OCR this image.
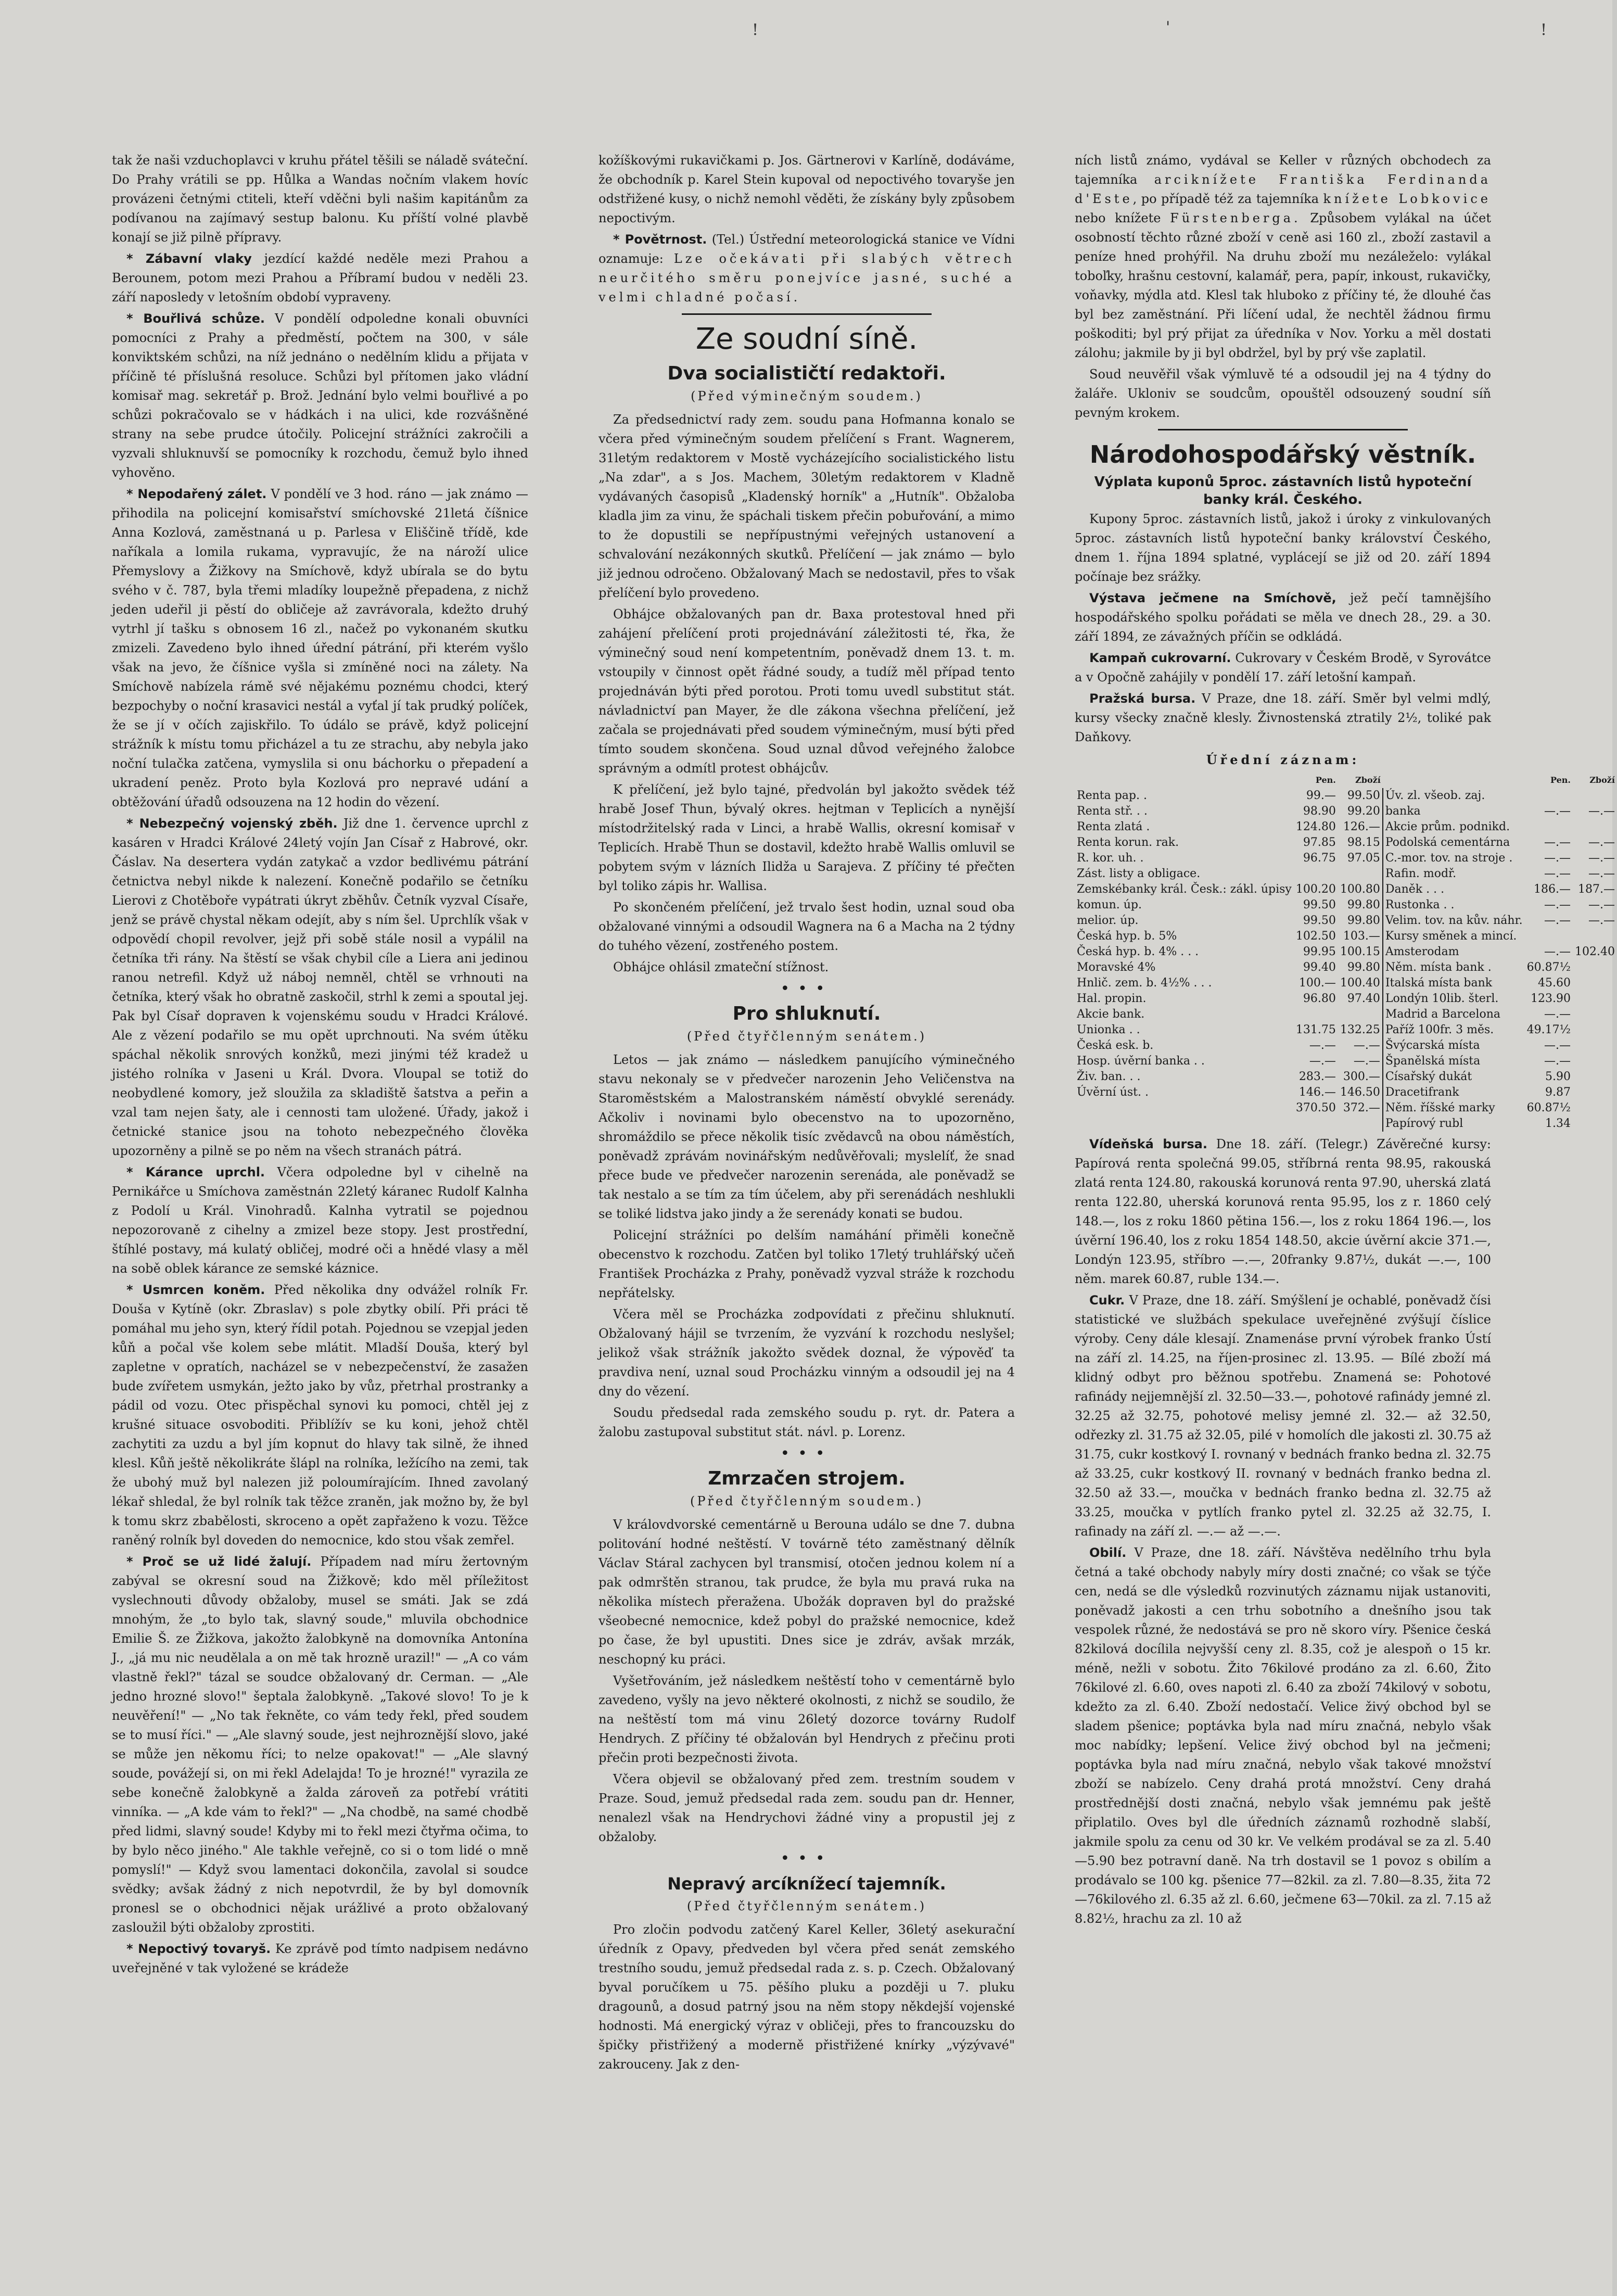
!	'	!

tak že naši vzduchoplavci v kruhu přátel těšili se náladě sváteční. Do Prahy vrátili se pp. Hůlka a Wandas nočním vlakem hovíc provázeni četnými ctiteli, kteří vděčni byli našim kapitánům za podívanou na zajímavý sestup balonu. Ku příští volné plavbě konají se již pilně přípravy.

* Zábavní vlaky jezdící každé neděle mezi Prahou a Berounem, potom mezi Prahou a Příbramí budou v neděli 23. září naposledy v letošním období vypraveny.

* Bouřlivá schůze. V pondělí odpoledne konali obuvníci pomocníci z Prahy a předměstí, počtem na 300, v sále konviktském schůzi, na níž jednáno o nedělním klidu a přijata v příčině té příslušná resoluce. Schůzi byl přítomen jako vládní komisař mag. sekretář p. Brož. Jednání bylo velmi bouřlivé a po schůzi pokračovalo se v hádkách i na ulici, kde rozvášněné strany na sebe prudce útočily. Policejní strážníci zakročili a vyzvali shluknuvší se pomocníky k rozchodu, čemuž bylo ihned vyhověno.

* Nepodařený zálet. V pondělí ve 3 hod. ráno — jak známo — přihodila na policejní komisařství smíchovské 21letá číšnice Anna Kozlová, zaměstnaná u p. Parlesa v Eliščině třídě, kde naříkala a lomila rukama, vypravujíc, že na nároží ulice Přemyslovy a Žižkovy na Smíchově, když ubírala se do bytu svého v č. 787, byla třemi mladíky loupežně přepadena, z nichž jeden udeřil ji pěstí do obličeje až zavrávorala, kdežto druhý vytrhl jí tašku s obnosem 16 zl., načež po vykonaném skutku zmizeli. Zavedeno bylo ihned úřední pátrání, při kterém vyšlo však na jevo, že číšnice vyšla si zmíněné noci na zálety. Na Smíchově nabízela rámě své nějakému poznému chodci, který bezpochyby o noční krasavici nestál a vyťal jí tak prudký políček, že se jí v očích zajiskřilo. To údálo se právě, když policejní strážník k místu tomu přicházel a tu ze strachu, aby nebyla jako noční tulačka zatčena, vymyslila si onu báchorku o přepadení a ukradení peněz. Proto byla Kozlová pro nepravé udání a obtěžování úřadů odsouzena na 12 hodin do vězení.

* Nebezpečný vojenský zběh. Již dne 1. července uprchl z kasáren v Hradci Králové 24letý vojín Jan Císař z Habrové, okr. Čáslav. Na desertera vydán zatykač a vzdor bedlivému pátrání četnictva nebyl nikde k nalezení. Konečně podařilo se četníku Lierovi z Chotěboře vypátrati úkryt zběhův. Četník vyzval Císaře, jenž se právě chystal někam odejít, aby s ním šel. Uprchlík však v odpovědí chopil revolver, jejž při sobě stále nosil a vypálil na četníka tři rány. Na štěstí se však chybil cíle a Liera ani jedinou ranou netrefil. Když už náboj nemněl, chtěl se vrhnouti na četníka, který však ho obratně zaskočil, strhl k zemi a spoutal jej. Pak byl Císař dopraven k vojenskému soudu v Hradci Králové. Ale z vězení podařilo se mu opět uprchnouti. Na svém útěku spáchal několik snrových konžků, mezi jinými též kradež u jistého rolníka v Jaseni u Král. Dvora. Vloupal se totiž do neobydlené komory, jež sloužila za skladiště šatstva a peřin a vzal tam nejen šaty, ale i cennosti tam uložené. Úřady, jakož i četnické stanice jsou na tohoto nebezpečného člověka upozorněny a pilně se po něm na všech stranách pátrá.

* Kárance uprchl. Včera odpoledne byl v cihelně na Pernikářce u Smíchova zaměstnán 22letý káranec Rudolf Kalnha z Podolí u Král. Vinohradů. Kalnha vytratil se pojednou nepozorovaně z cihelny a zmizel beze stopy. Jest prostřední, štíhlé postavy, má kulatý obličej, modré oči a hnědé vlasy a měl na sobě oblek kárance ze semské káznice.

* Usmrcen koněm. Před několika dny odvážel rolník Fr. Douša v Kytíně (okr. Zbraslav) s pole zbytky obilí. Při práci tě pomáhal mu jeho syn, který řídil potah. Pojednou se vzepjal jeden kůň a počal vše kolem sebe mlátit. Mladší Douša, který byl zapletne v opratích, nacházel se v nebezpečenství, že zasažen bude zvířetem usmykán, ježto jako by vůz, přetrhal prostranky a pádil od vozu. Otec přispěchal synovi ku pomoci, chtěl jej z krušné situace osvoboditi. Přiblížív se ku koni, jehož chtěl zachytiti za uzdu a byl jím kopnut do hlavy tak silně, že ihned klesl. Kůň ještě několikráte šlápl na rolníka, ležícího na zemi, tak že ubohý muž byl nalezen již poloumírajícím. Ihned zavolaný lékař shledal, že byl rolník tak těžce zraněn, jak možno by, že byl k tomu skrz zbabělosti, skroceno a opět zapřaženo k vozu. Těžce raněný rolník byl doveden do nemocnice, kdo stou však zemřel.

* Proč se už lidé žalují. Případem nad míru žertovným zabýval se okresní soud na Žižkově; kdo měl příležitost vyslechnouti důvody obžaloby, musel se smáti. Jak se zdá mnohým, že „to bylo tak, slavný soude," mluvila obchodnice Emilie Š. ze Žižkova, jakožto žalobkyně na domovníka Antonína J., „já mu nic neudělala a on mě tak hrozně urazil!" — „A co vám vlastně řekl?" tázal se soudce obžalovaný dr. Cerman. — „Ale jedno hrozné slovo!" šeptala žalobkyně. „Takové slovo! To je k neuvěření!" — „No tak řekněte, co vám tedy řekl, před soudem se to musí říci." — „Ale slavný soude, jest nejhroznější slovo, jaké se může jen někomu říci; to nelze opakovat!" — „Ale slavný soude, povážejí si, on mi řekl Adelajda! To je hrozné!" vyrazila ze sebe konečně žalobkyně a žalda zároveň za potřebí vrátiti vinníka. — „A kde vám to řekl?" — „Na chodbě, na samé chodbě před lidmi, slavný soude! Kdyby mi to řekl mezi čtyřma očima, to by bylo něco jiného." Ale takhle veřejně, co si o tom lidé o mně pomyslí!" — Když svou lamentaci dokončila, zavolal si soudce svědky; avšak žádný z nich nepotvrdil, že by byl domovník pronesl se o obchodnici nějak urážlivé a proto obžalovaný zasloužil býti obžaloby zprostiti.

* Nepoctivý tovaryš. Ke zprávě pod tímto nadpisem nedávno uveřejněné v tak vyložené se krádeže

kožíškovými rukavičkami p. Jos. Gärtnerovi v Karlíně, dodáváme, že obchodník p. Karel Stein kupoval od nepoctivého tovaryše jen odstřižené kusy, o nichž nemohl věděti, že získány byly způsobem nepoctivým.

* Povětrnost. (Tel.) Ústřední meteorologická stanice ve Vídni oznamuje: Lze očekávati při slabých větrech neurčitého směru ponejvíce jasné, suché a velmi chladné počasí.

Ze soudní síně.
Dva socialističtí redaktoři.
(Před výminečným soudem.)

Za předsednictví rady zem. soudu pana Hofmanna konalo se včera před výminečným soudem přelíčení s Frant. Wagnerem, 31letým redaktorem v Mostě vycházejícího socialistického listu „Na zdar", a s Jos. Machem, 30letým redaktorem v Kladně vydávaných časopisů „Kladenský horník" a „Hutník". Obžaloba kladla jim za vinu, že spáchali tiskem přečin pobuřování, a mimo to že dopustili se nepřípustnými veřejných ustanovení a schvalování nezákonných skutků. Přelíčení — jak známo — bylo již jednou odročeno. Obžalovaný Mach se nedostavil, přes to však přelíčení bylo provedeno.

Obhájce obžalovaných pan dr. Baxa protestoval hned při zahájení přelíčení proti projednávání záležitosti té, řka, že výminečný soud není kompetentním, poněvadž dnem 13. t. m. vstoupily v činnost opět řádné soudy, a tudíž měl případ tento projednáván býti před porotou. Proti tomu uvedl substitut stát. návladnictví pan Mayer, že dle zákona všechna přelíčení, jež začala se projednávati před soudem výminečným, musí býti před tímto soudem skončena. Soud uznal důvod veřejného žalobce správným a odmítl protest obhájcův.

K přelíčení, jež bylo tajné, předvolán byl jakožto svědek též hrabě Josef Thun, bývalý okres. hejtman v Teplicích a nynější místodržitelský rada v Linci, a hrabě Wallis, okresní komisař v Teplicích. Hrabě Thun se dostavil, kdežto hrabě Wallis omluvil se pobytem svým v lázních Ilidža u Sarajeva. Z příčiny té přečten byl toliko zápis hr. Wallisa.

Po skončeném přelíčení, jež trvalo šest hodin, uznal soud oba obžalované vinnými a odsoudil Wagnera na 6 a Macha na 2 týdny do tuhého vězení, zostřeného postem.

Obhájce ohlásil zmateční stížnost.

•••
Pro shluknutí.
(Před čtyřčlenným senátem.)

Letos — jak známo — následkem panujícího výminečného stavu nekonaly se v předvečer narozenin Jeho Veličenstva na Staroměstském a Malostranském náměstí obvyklé serenády. Ačkoliv i novinami bylo obecenstvo na to upozorněno, shromáždilo se přece několik tisíc zvědavců na obou náměstích, poněvadž zprávám novinářským nedůvěřovali; myslelíť, že snad přece bude ve předvečer narozenin serenáda, ale poněvadž se tak nestalo a se tím za tím účelem, aby při serenádách neshlukli se toliké lidstva jako jindy a že serenády konati se budou.

Policejní strážníci po delším namáhání přiměli konečně obecenstvo k rozchodu. Zatčen byl toliko 17letý truhlářský učeň František Procházka z Prahy, poněvadž vyzval stráže k rozchodu nepřátelsky.

Včera měl se Procházka zodpovídati z přečinu shluknutí. Obžalovaný hájil se tvrzením, že vyzvání k rozchodu neslyšel; jelikož však strážník jakožto svědek doznal, že výpověď ta pravdiva není, uznal soud Procházku vinným a odsoudil jej na 4 dny do vězení.

Soudu předsedal rada zemského soudu p. ryt. dr. Patera a žalobu zastupoval substitut stát. návl. p. Lorenz.

•••
Zmrzačen strojem.
(Před čtyřčlenným soudem.)

V královdvorské cementárně u Berouna událo se dne 7. dubna politování hodné neštěstí. V továrně této zaměstnaný dělník Václav Stáral zachycen byl transmisí, otočen jednou kolem ní a pak odmrštěn stranou, tak prudce, že byla mu pravá ruka na několika místech přeražena. Ubožák dopraven byl do pražské všeobecné nemocnice, kdež pobyl do pražské nemocnice, kdež po čase, že byl upustiti. Dnes sice je zdráv, avšak mrzák, neschopný ku práci.

Vyšetřováním, jež následkem neštěstí toho v cementárně bylo zavedeno, vyšly na jevo některé okolnosti, z nichž se soudilo, že na neštěstí tom má vinu 26letý dozorce továrny Rudolf Hendrych. Z příčiny té obžalován byl Hendrych z přečinu proti přečin proti bezpečnosti života.

Včera objevil se obžalovaný před zem. trestním soudem v Praze. Soud, jemuž předsedal rada zem. soudu pan dr. Henner, nenalezl však na Hendrychovi žádné viny a propustil jej z obžaloby.

•••
Nepravý arcíknížecí tajemník.
(Před čtyřčlenným senátem.)

Pro zločin podvodu zatčený Karel Keller, 36letý asekurační úředník z Opavy, předveden byl včera před senát zemského trestního soudu, jemuž předsedal rada z. s. p. Czech. Obžalovaný byval poručíkem u 75. pěšího pluku a později u 7. pluku dragounů, a dosud patrný jsou na něm stopy někdejší vojenské hodnosti. Má energický výraz v obličeji, přes to francouzsku do špičky přistřižený a moderně přistřižené knírky „výzývavé" zakrouceny. Jak z den-

ních listů známo, vydával se Keller v různých obchodech za tajemníka arciknížete Františka Ferdinanda d'Este, po případě též za tajemníka knížete Lobkovice nebo knížete Fürstenberga. Způsobem vylákal na účet osobností těchto různé zboží v ceně asi 160 zl., zboží zastavil a peníze hned prohýřil. Na druhu zboží mu nezáleželo: vylákal toboľky, hrašnu cestovní, kalamář, pera, papír, inkoust, rukavičky, voňavky, mýdla atd. Klesl tak hluboko z příčiny té, že dlouhé čas byl bez zaměstnání. Při líčení udal, že nechtěl žádnou firmu poškoditi; byl prý přijat za úředníka v Nov. Yorku a měl dostati zálohu; jakmile by ji byl obdržel, byl by prý vše zaplatil.

Soud neuvěřil však výmluvě té a odsoudil jej na 4 týdny do žaláře. Ukloniv se soudcům, opouštěl odsouzený soudní síň pevným krokem.

Národohospodářský věstník.
Výplata kuponů 5proc. zástavních listů hypoteční banky král. Českého.

Kupony 5proc. zástavních listů, jakož i úroky z vinkulovaných 5proc. zástavních listů hypoteční banky království Českého, dnem 1. října 1894 splatné, vyplácejí se již od 20. září 1894 počínaje bez srážky.

Výstava ječmene na Smíchově, jež pečí tamnějšího hospodářského spolku pořádati se měla ve dnech 28., 29. a 30. září 1894, ze závažných příčin se odkládá.

Kampaň cukrovarní. Cukrovary v Českém Brodě, v Syrovátce a v Opočně zahájily v pondělí 17. září letošní kampaň.

Pražská bursa. V Praze, dne 18. září. Směr byl velmi mdlý, kursy všecky značně klesly. Živnostenská ztratily 2½, toliké pak Daňkovy.

Úřední záznam:
	Pen.	Zboží		Pen.	Zboží
Renta pap. .	99.—	99.50	Úv. zl. všeob. zaj.		
Renta stř. . .	98.90	99.20	banka	—.—	—.—
Renta zlatá .	124.80	126.—	Akcie prům. podnikd.		
Renta korun. rak.	97.85	98.15	Podolská cementárna	—.—	—.—
R. kor. uh. .	96.75	97.05	C.-mor. tov. na stroje .	—.—	—.—
Zást. listy a obligace.			Rafin. modř.	—.—	—.—
Zemskébanky král. Česk.: zákl. úpisy	100.20	100.80	Daněk . . .	186.—	187.—
komun. úp.	99.50	99.80	Rustonka . .	—.—	—.—
melior. úp.	99.50	99.80	Velim. tov. na kův. náhr.	—.—	—.—
Česká hyp. b. 5%	102.50	103.—	Kursy směnek a mincí.		
Česká hyp. b. 4% . . .	99.95	100.15	Amsterodam	—.—	102.40
Moravské 4%	99.40	99.80	Něm. místa bank .	60.87½	
Hnlič. zem. b. 4½% . . .	100.—	100.40	Italská místa bank	45.60	
Hal. propin.	96.80	97.40	Londýn 10lib. šterl.	123.90	
Akcie bank.			Madrid a Barcelona	—.—	
Unionka . .	131.75	132.25	Paříž 100fr. 3 měs.	49.17½	
Česká esk. b.	—.—	—.—	Švýcarská místa	—.—	
Hosp. úvěrní banka . .	—.—	—.—	Španělská místa	—.—	
Živ. ban. . .	283.—	300.—	Císařský dukát	5.90	
Úvěrní úst. .	146.—	146.50	Dracetifrank	9.87	
	370.50	372.—	Něm. říšské marky	60.87½	
			Papírový rubl	1.34	

Vídeňská bursa. Dne 18. září. (Telegr.) Závěrečné kursy: Papírová renta společná 99.05, stříbrná renta 98.95, rakouská zlatá renta 124.80, rakouská korunová renta 97.90, uherská zlatá renta 122.80, uherská korunová renta 95.95, los z r. 1860 celý 148.—, los z roku 1860 pětina 156.—, los z roku 1864 196.—, los úvěrní 196.40, los z roku 1854 148.50, akcie úvěrní akcie 371.—, Londýn 123.95, stříbro —.—, 20franky 9.87½, dukát —.—, 100 něm. marek 60.87, ruble 134.—.

Cukr. V Praze, dne 18. září. Smýšlení je ochablé, poněvadž čísi statistické ve službách spekulace uveřejněné zvýšují číslice výroby. Ceny dále klesají. Znamenáse první výrobek franko Ústí na září zl. 14.25, na říjen-prosinec zl. 13.95. — Bílé zboží má klidný odbyt pro běžnou spotřebu. Znamená se: Pohotové rafinády nejjemnější zl. 32.50—33.—, pohotové rafinády jemné zl. 32.25 až 32.75, pohotové melisy jemné zl. 32.— až 32.50, odřezky zl. 31.75 až 32.05, pilé v homolích dle jakosti zl. 30.75 až 31.75, cukr kostkový I. rovnaný v bednách franko bedna zl. 32.75 až 33.25, cukr kostkový II. rovnaný v bednách franko bedna zl. 32.50 až 33.—, moučka v bednách franko bedna zl. 32.75 až 33.25, moučka v pytlích franko pytel zl. 32.25 až 32.75, I. rafinady na září zl. —.— až —.—.

Obilí. V Praze, dne 18. září. Návštěva nedělního trhu byla četná a také obchody nabyly míry dosti značné; co však se týče cen, nedá se dle výsledků rozvinutých záznamu nijak ustanoviti, poněvadž jakosti a cen trhu sobotního a dnešního jsou tak vespolek různé, že nedostává se pro ně skoro víry. Pšenice česká 82kilová docílila nejvyšší ceny zl. 8.35, což je alespoň o 15 kr. méně, nežli v sobotu. Žito 76kilové prodáno za zl. 6.60, Žito 76kilové zl. 6.60, oves napoti zl. 6.40 za zboží 74kilový v sobotu, kdežto za zl. 6.40. Zboží nedostačí. Velice živý obchod byl se sladem pšenice; poptávka byla nad míru značná, nebylo však moc nabídky; lepšení. Velice živý obchod byl na ječmeni; poptávka byla nad míru značná, nebylo však takové množství zboží se nabízelo. Ceny drahá protá množství. Ceny drahá prostřednější dosti značná, nebylo však jemnému pak ještě připlatilo. Oves byl dle úředních záznamů rozhodně slabší, jakmile spolu za cenu od 30 kr. Ve velkém prodával se za zl. 5.40—5.90 bez potravní daně. Na trh dostavil se 1 povoz s obilím a prodávalo se 100 kg. pšenice 77—82kil. za zl. 7.80—8.35, žita 72—76kilového zl. 6.35 až zl. 6.60, ječmene 63—70kil. za zl. 7.15 až 8.82½, hrachu za zl. 10 až
